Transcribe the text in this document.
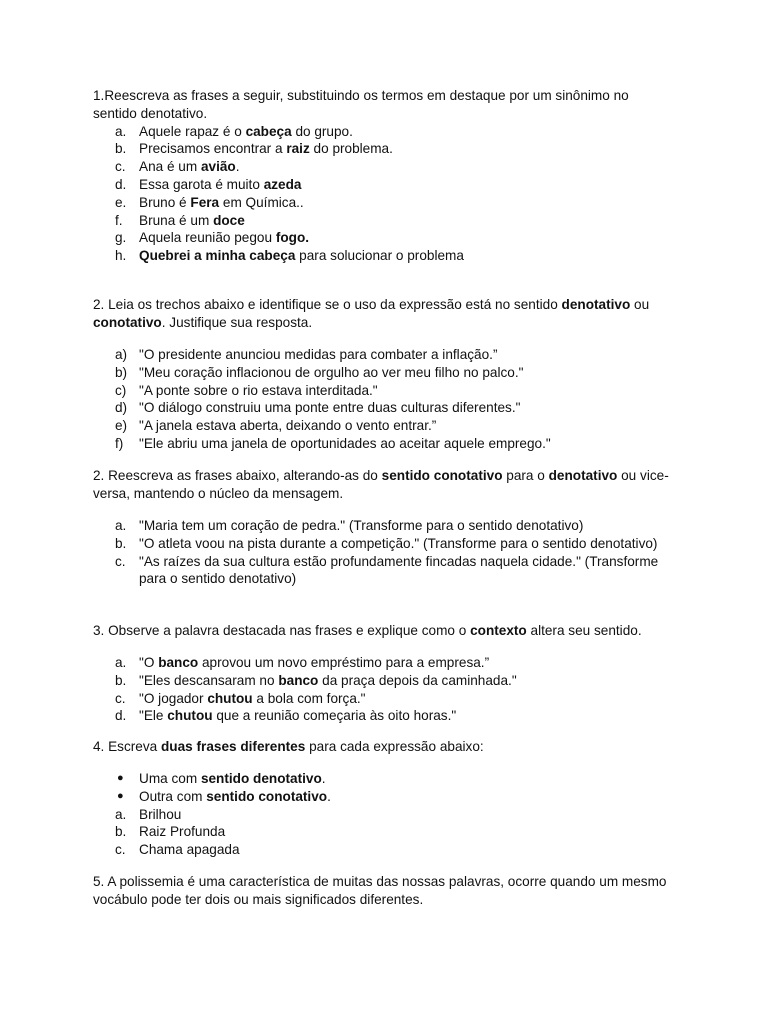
1.Reescreva as frases a seguir, substituindo os termos em destaque por um sinônimo no sentido denotativo.

a. Aquele rapaz é o cabeça do grupo.
b. Precisamos encontrar a raiz do problema.
c. Ana é um avião.
d. Essa garota é muito azeda
e. Bruno é Fera em Química..
f. Bruna é um doce
g. Aquela reunião pegou fogo.
h. Quebrei a minha cabeça para solucionar o problema

2. Leia os trechos abaixo e identifique se o uso da expressão está no sentido denotativo ou conotativo. Justifique sua resposta.

a) "O presidente anunciou medidas para combater a inflação.”
b) "Meu coração inflacionou de orgulho ao ver meu filho no palco."
c) "A ponte sobre o rio estava interditada."
d) "O diálogo construiu uma ponte entre duas culturas diferentes."
e) "A janela estava aberta, deixando o vento entrar.”
f) "Ele abriu uma janela de oportunidades ao aceitar aquele emprego."

2. Reescreva as frases abaixo, alterando-as do sentido conotativo para o denotativo ou vice-versa, mantendo o núcleo da mensagem.

a. "Maria tem um coração de pedra." (Transforme para o sentido denotativo)
b. "O atleta voou na pista durante a competição." (Transforme para o sentido denotativo)
c. "As raízes da sua cultura estão profundamente fincadas naquela cidade." (Transforme para o sentido denotativo)

3. Observe a palavra destacada nas frases e explique como o contexto altera seu sentido.

a. "O banco aprovou um novo empréstimo para a empresa.”
b. "Eles descansaram no banco da praça depois da caminhada."
c. "O jogador chutou a bola com força."
d. "Ele chutou que a reunião começaria às oito horas."

4. Escreva duas frases diferentes para cada expressão abaixo:

● Uma com sentido denotativo.
● Outra com sentido conotativo.
a. Brilhou
b. Raiz Profunda
c. Chama apagada

5. A polissemia é uma característica de muitas das nossas palavras, ocorre quando um mesmo vocábulo pode ter dois ou mais significados diferentes.
